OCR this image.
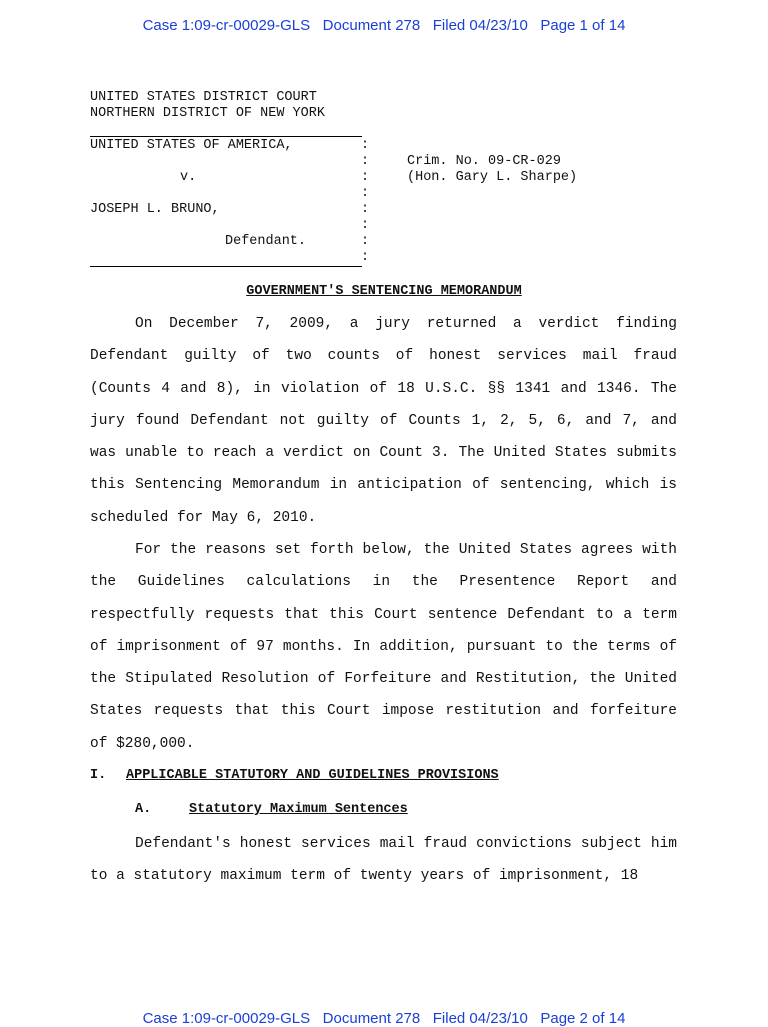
Case 1:09-cr-00029-GLS Document 278 Filed 04/23/10 Page 1 of 14
UNITED STATES DISTRICT COURT
NORTHERN DISTRICT OF NEW YORK
UNITED STATES OF AMERICA,
v.
JOSEPH L. BRUNO,
Defendant.
:
:
:
:
:
:
:
:
Crim. No. 09-CR-029
(Hon. Gary L. Sharpe)
GOVERNMENT'S SENTENCING MEMORANDUM

On December 7, 2009, a jury returned a verdict finding Defendant guilty of two counts of honest services mail fraud (Counts 4 and 8), in violation of 18 U.S.C. §§ 1341 and 1346. The jury found Defendant not guilty of Counts 1, 2, 5, 6, and 7, and was unable to reach a verdict on Count 3. The United States submits this Sentencing Memorandum in anticipation of sentencing, which is scheduled for May 6, 2010.

For the reasons set forth below, the United States agrees with the Guidelines calculations in the Presentence Report and respectfully requests that this Court sentence Defendant to a term of imprisonment of 97 months. In addition, pursuant to the terms of the Stipulated Resolution of Forfeiture and Restitution, the United States requests that this Court impose restitution and forfeiture of $280,000.

I. APPLICABLE STATUTORY AND GUIDELINES PROVISIONS
A.	Statutory Maximum Sentences

Defendant's honest services mail fraud convictions subject him to a statutory maximum term of twenty years of imprisonment, 18

Case 1:09-cr-00029-GLS Document 278 Filed 04/23/10 Page 2 of 14
